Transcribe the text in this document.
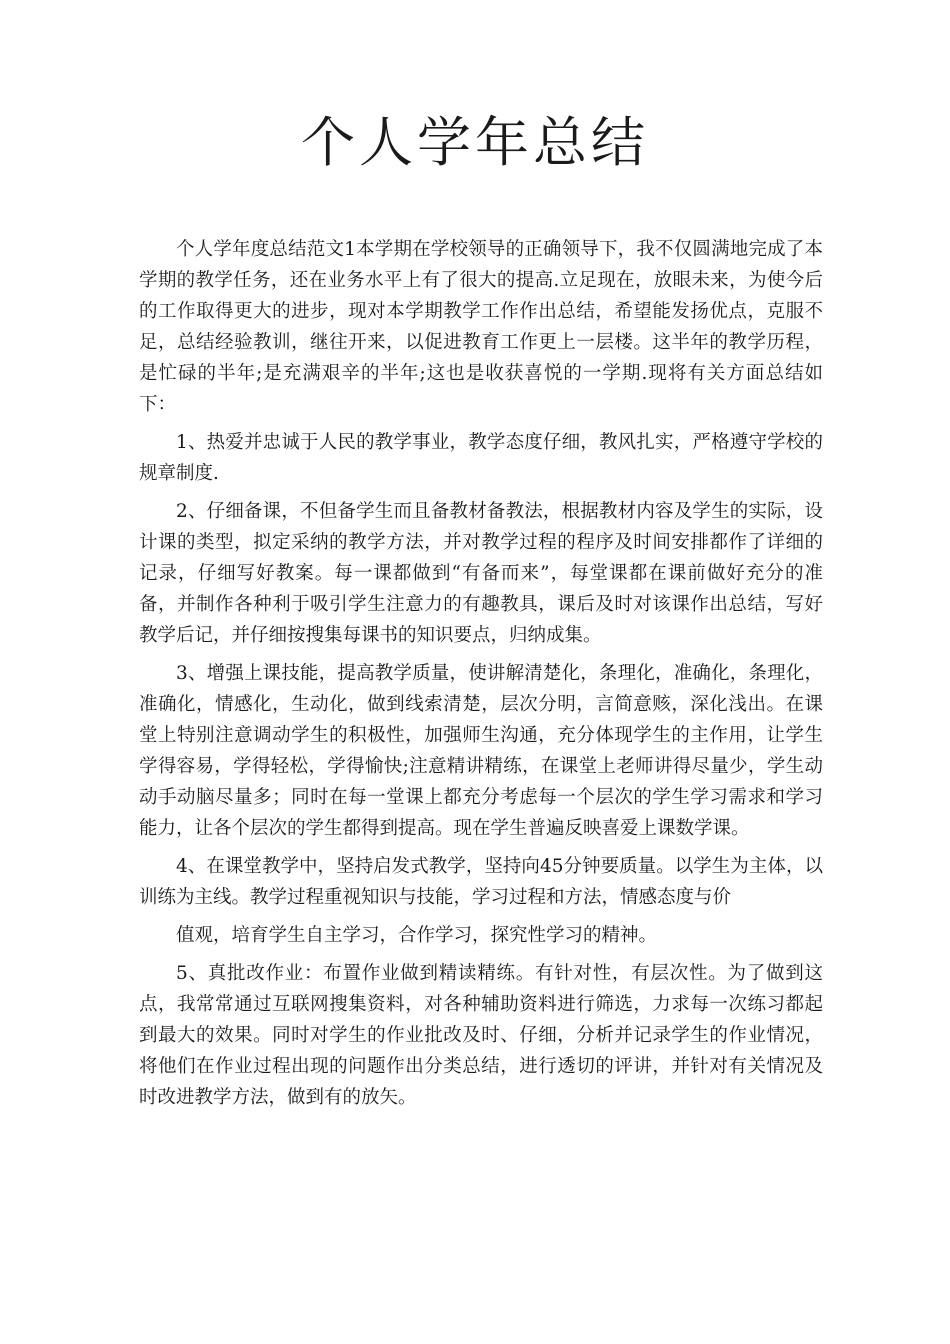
个人学年总结

个人学年度总结范文1本学期在学校领导的正确领导下，我不仅圆满地完成了本学期的教学任务，还在业务水平上有了很大的提高.立足现在，放眼未来，为使今后的工作取得更大的进步，现对本学期教学工作作出总结，希望能发扬优点，克服不足，总结经验教训，继往开来，以促进教育工作更上一层楼。这半年的教学历程，是忙碌的半年;是充满艰辛的半年;这也是收获喜悦的一学期.现将有关方面总结如下：

1、热爱并忠诚于人民的教学事业，教学态度仔细，教风扎实，严格遵守学校的规章制度.

2、仔细备课，不但备学生而且备教材备教法，根据教材内容及学生的实际，设计课的类型，拟定采纳的教学方法，并对教学过程的程序及时间安排都作了详细的记录，仔细写好教案。每一课都做到“有备而来”，每堂课都在课前做好充分的准备，并制作各种利于吸引学生注意力的有趣教具，课后及时对该课作出总结，写好教学后记，并仔细按搜集每课书的知识要点，归纳成集。

3、增强上课技能，提高教学质量，使讲解清楚化，条理化，准确化，条理化，准确化，情感化，生动化，做到线索清楚，层次分明，言简意赅，深化浅出。在课堂上特别注意调动学生的积极性，加强师生沟通，充分体现学生的主作用，让学生学得容易，学得轻松，学得愉快;注意精讲精练，在课堂上老师讲得尽量少，学生动动手动脑尽量多；同时在每一堂课上都充分考虑每一个层次的学生学习需求和学习能力，让各个层次的学生都得到提高。现在学生普遍反映喜爱上课数学课。

4、在课堂教学中，坚持启发式教学，坚持向45分钟要质量。以学生为主体，以训练为主线。教学过程重视知识与技能，学习过程和方法，情感态度与价

值观，培育学生自主学习，合作学习，探究性学习的精神。

5、真批改作业：布置作业做到精读精练。有针对性，有层次性。为了做到这点，我常常通过互联网搜集资料，对各种辅助资料进行筛选，力求每一次练习都起到最大的效果。同时对学生的作业批改及时、仔细，分析并记录学生的作业情况，将他们在作业过程出现的问题作出分类总结，进行透切的评讲，并针对有关情况及时改进教学方法，做到有的放矢。
